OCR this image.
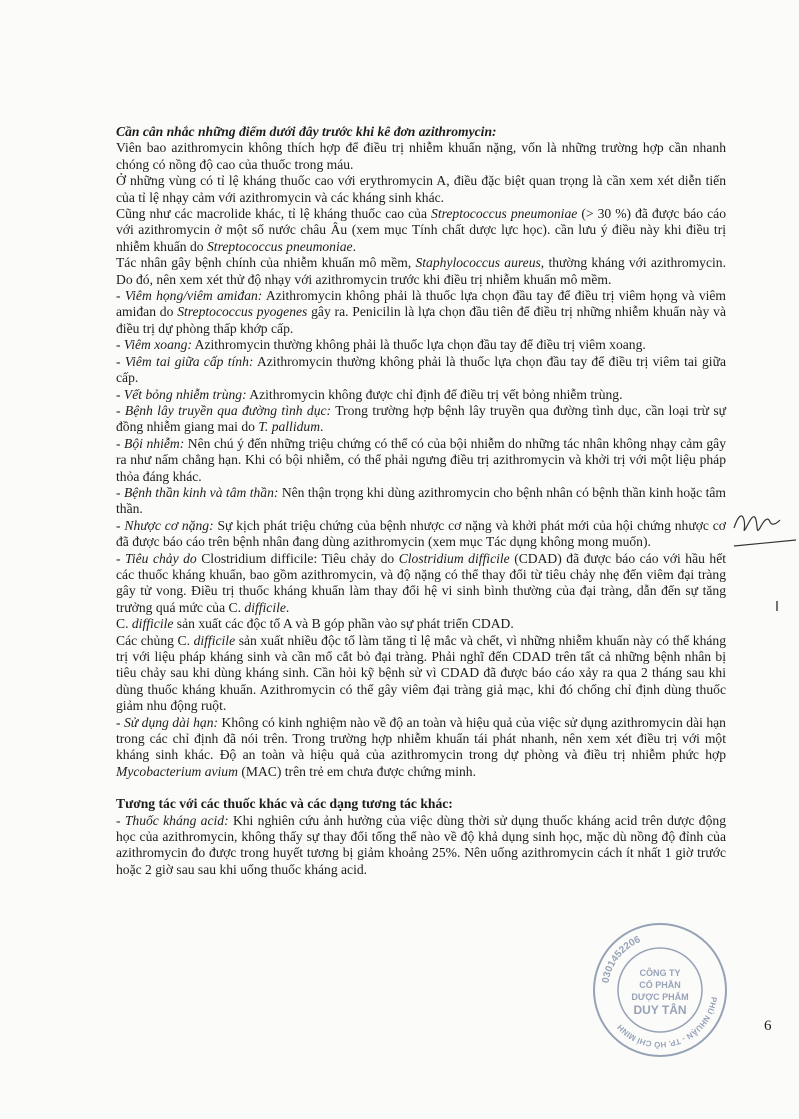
Cần cân nhắc những điểm dưới đây trước khi kê đơn azithromycin:

Viên bao azithromycin không thích hợp để điều trị nhiễm khuẩn nặng, vốn là những trường hợp cần nhanh chóng có nồng độ cao của thuốc trong máu.

Ở những vùng có tỉ lệ kháng thuốc cao với erythromycin A, điều đặc biệt quan trọng là cần xem xét diễn tiến của tỉ lệ nhạy cảm với azithromycin và các kháng sinh khác.

Cũng như các macrolide khác, tỉ lệ kháng thuốc cao của Streptococcus pneumoniae (> 30 %) đã được báo cáo với azithromycin ở một số nước châu Âu (xem mục Tính chất dược lực học). cần lưu ý điều này khi điều trị nhiễm khuẩn do Streptococcus pneumoniae.

Tác nhân gây bệnh chính của nhiễm khuẩn mô mềm, Staphylococcus aureus, thường kháng với azithromycin. Do đó, nên xem xét thử độ nhạy với azithromycin trước khi điều trị nhiễm khuẩn mô mềm.

- Viêm họng/viêm amiđan: Azithromycin không phải là thuốc lựa chọn đầu tay để điều trị viêm họng và viêm amiđan do Streptococcus pyogenes gây ra. Penicilin là lựa chọn đầu tiên để điều trị những nhiễm khuẩn này và điều trị dự phòng thấp khớp cấp.

- Viêm xoang: Azithromycin thường không phải là thuốc lựa chọn đầu tay để điều trị viêm xoang.

- Viêm tai giữa cấp tính: Azithromycin thường không phải là thuốc lựa chọn đầu tay để điều trị viêm tai giữa cấp.

- Vết bỏng nhiễm trùng: Azithromycin không được chỉ định để điều trị vết bỏng nhiễm trùng.

- Bệnh lây truyền qua đường tình dục: Trong trường hợp bệnh lây truyền qua đường tình dục, cần loại trừ sự đồng nhiễm giang mai do T. pallidum.

- Bội nhiễm: Nên chú ý đến những triệu chứng có thể có của bội nhiễm do những tác nhân không nhạy cảm gây ra như nấm chẳng hạn. Khi có bội nhiễm, có thể phải ngưng điều trị azithromycin và khởi trị với một liệu pháp thỏa đáng khác.

- Bệnh thần kinh và tâm thần: Nên thận trọng khi dùng azithromycin cho bệnh nhân có bệnh thần kinh hoặc tâm thần.

- Nhược cơ nặng: Sự kịch phát triệu chứng của bệnh nhược cơ nặng và khởi phát mới của hội chứng nhược cơ đã được báo cáo trên bệnh nhân đang dùng azithromycin (xem mục Tác dụng không mong muốn).

- Tiêu chảy do Clostridium difficile: Tiêu chảy do Clostridium difficile (CDAD) đã được báo cáo với hầu hết các thuốc kháng khuẩn, bao gồm azithromycin, và độ nặng có thể thay đổi từ tiêu chảy nhẹ đến viêm đại tràng gây tử vong. Điều trị thuốc kháng khuẩn làm thay đổi hệ vi sinh bình thường của đại tràng, dẫn đến sự tăng trưởng quá mức của C. difficile.

C. difficile sản xuất các độc tố A và B góp phần vào sự phát triển CDAD.

Các chủng C. difficile sản xuất nhiều độc tố làm tăng tỉ lệ mắc và chết, vì những nhiễm khuẩn này có thể kháng trị với liệu pháp kháng sinh và cần mổ cắt bỏ đại tràng. Phải nghĩ đến CDAD trên tất cả những bệnh nhân bị tiêu chảy sau khi dùng kháng sinh. Cần hỏi kỹ bệnh sử vì CDAD đã được báo cáo xảy ra qua 2 tháng sau khi dùng thuốc kháng khuẩn. Azithromycin có thể gây viêm đại tràng giả mạc, khi đó chống chỉ định dùng thuốc giảm nhu động ruột.

- Sử dụng dài hạn: Không có kinh nghiệm nào về độ an toàn và hiệu quả của việc sử dụng azithromycin dài hạn trong các chỉ định đã nói trên. Trong trường hợp nhiễm khuẩn tái phát nhanh, nên xem xét điều trị với một kháng sinh khác. Độ an toàn và hiệu quả của azithromycin trong dự phòng và điều trị nhiễm phức hợp Mycobacterium avium (MAC) trên trẻ em chưa được chứng minh.

Tương tác với các thuốc khác và các dạng tương tác khác:

- Thuốc kháng acid: Khi nghiên cứu ảnh hưởng của việc dùng thời sử dụng thuốc kháng acid trên dược động học của azithromycin, không thấy sự thay đổi tổng thể nào về độ khả dụng sinh học, mặc dù nồng độ đỉnh của azithromycin đo được trong huyết tương bị giảm khoảng 25%. Nên uống azithromycin cách ít nhất 1 giờ trước hoặc 2 giờ sau sau khi uống thuốc kháng acid.

0301452206
PHÚ NHUẬN - TP. HỒ CHÍ MINH
CÔNG TY
CỔ PHẦN
DƯỢC PHẨM
DUY TÂN
6
